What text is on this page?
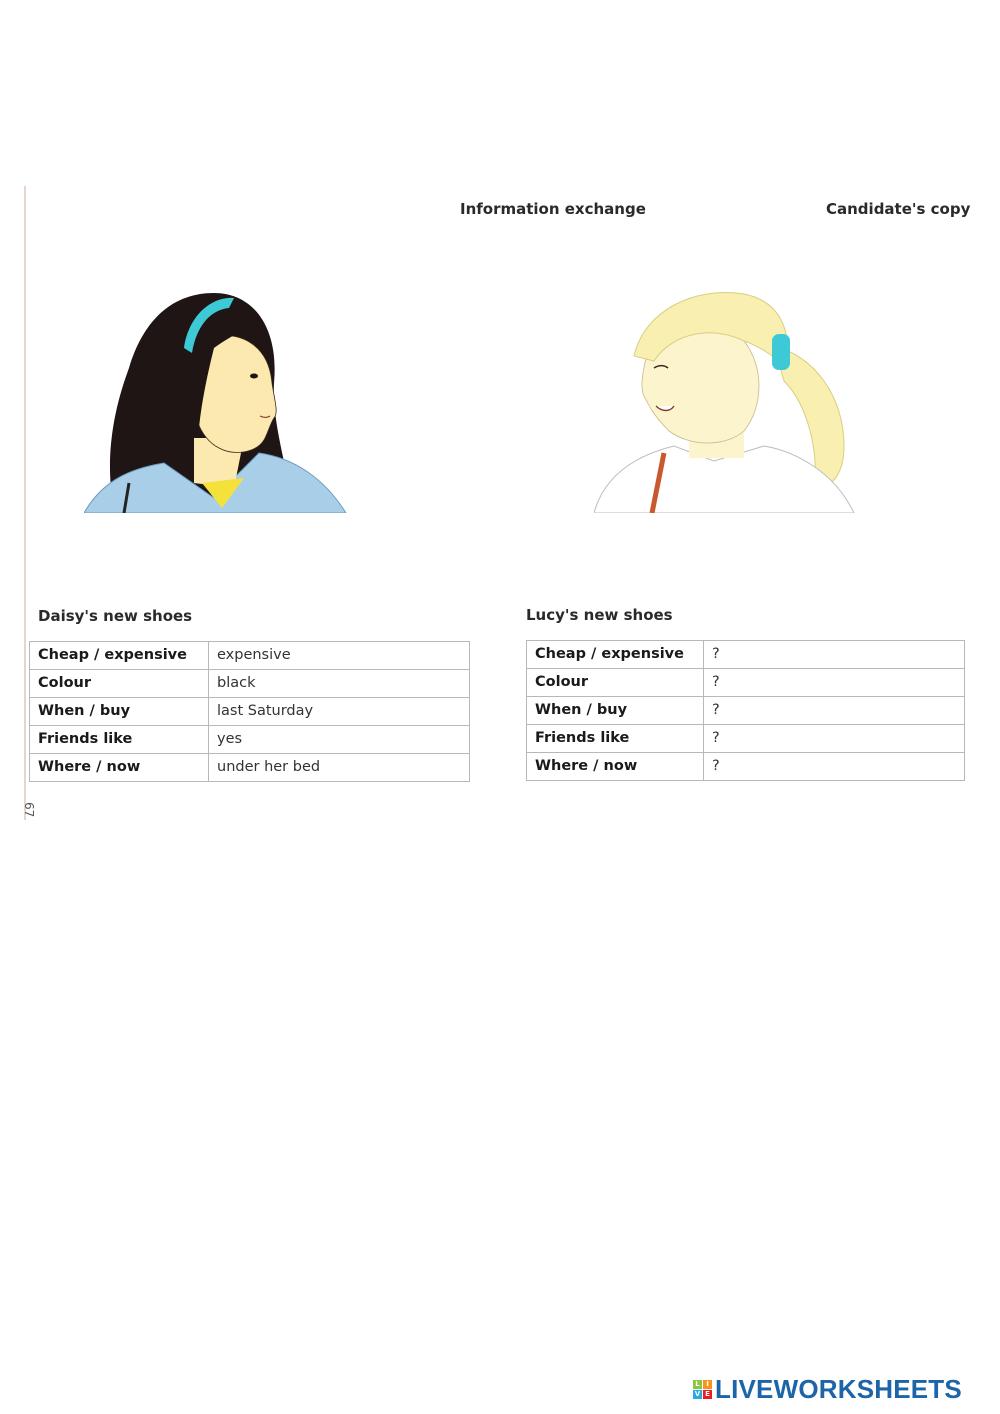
Information exchange	Candidate's copy
Daisy's new shoes
Cheap / expensive	expensive
Colour	black
When / buy	last Saturday
Friends like	yes
Where / now	under her bed
Lucy's new shoes
Cheap / expensive	?
Colour	?
When / buy	?
Friends like	?
Where / now	?
67
L I
V E LIVEWORKSHEETS
